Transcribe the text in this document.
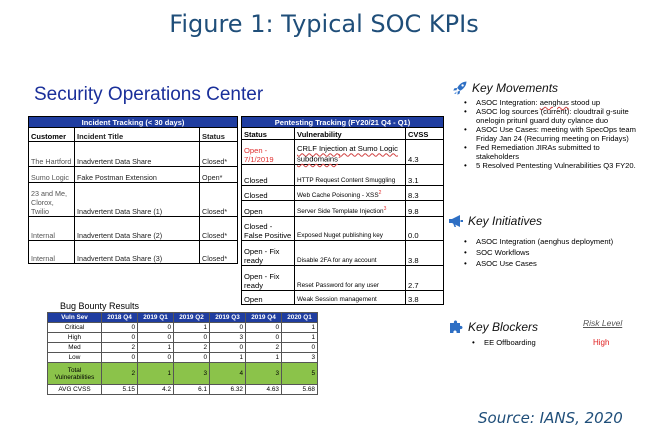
Figure 1: Typical SOC KPIs
Security Operations Center
Incident Tracking (< 30 days)		
Customer	Incident Title	Status
The Hartford	Inadvertent Data Share	Closed*
Sumo Logic	Fake Postman Extension	Open*
23 and Me, Clorox, Twilio	Inadvertent Data Share (1)	Closed*
Internal	Inadvertent Data Share (2)	Closed*
Internal	Inadvertent Data Share (3)	Closed*
Pentesting Tracking (FY20/21 Q4 - Q1)		
Status	Vulnerability	CVSS
Open - 7/1/2019	CRLF Injection at Sumo Logic subdomains$^1$	4.3
Closed	HTTP Request Content Smuggling	3.1
Closed	Web Cache Poisoning - XSS$^2$	8.3
Open	Server Side Template Injection$^3$	9.8
Closed - False Positive	Exposed Nuget publishing key	0.0
Open - Fix ready	Disable 2FA for any account	3.8
Open - Fix ready	Reset Password for any user	2.7
Open	Weak Session management	3.8
Bug Bounty Results
Vuln Sev	2018 Q4	2019 Q1	2019 Q2	2019 Q3	2019 Q4	2020 Q1
Critical	0	0	1	0	0	1
High	0	0	0	3	0	1
Med	2	1	2	0	2	0
Low	0	0	0	1	1	3
Total Vulnerabilities	2	1	3	4	3	5
AVG CVSS	5.15	4.2	6.1	6.32	4.63	5.68
Key Movements
• ASOC Integration: aenghus stood up
• ASOC log sources (current): cloudtrail g-suite onelogin pritunl guard duty cylance duo
• ASOC Use Cases: meeting with SpecOps team Friday Jan 24 (Recurring meeting on Fridays)
• Fed Remediation JIRAs submitted to stakeholders
• 5 Resolved Pentesting Vulnerabilities Q3 FY20.
Key Initiatives
• ASOC Integration (aenghus deployment)
• SOC Workflows
• ASOC Use Cases
Key Blockers	Risk Level
• EE Offboarding	High
Source: IANS, 2020
